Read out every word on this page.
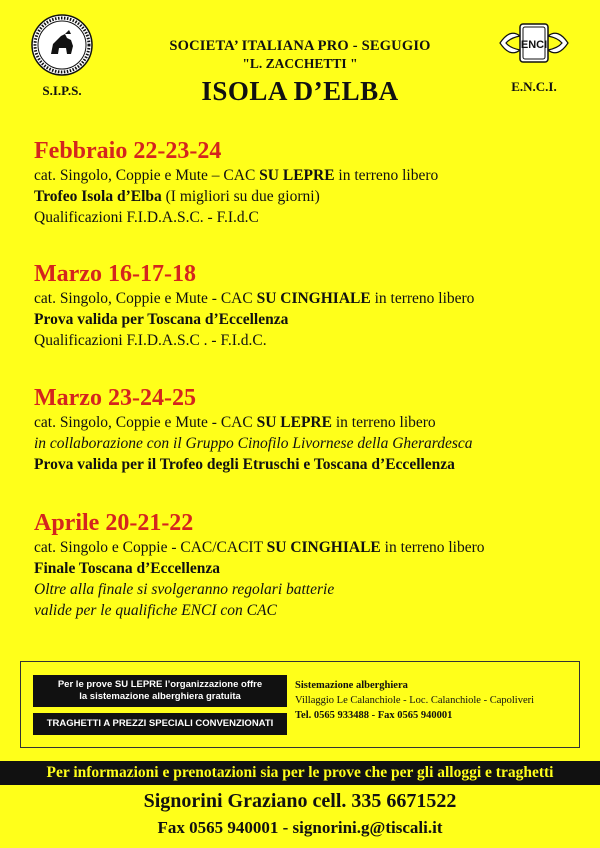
S.I.P.S.
SOCIETA’ ITALIANA PRO - SEGUGIO
"L. ZACCHETTI "
ISOLA D’ELBA
ENCI
E.N.C.I.
Febbraio 22-23-24
cat. Singolo, Coppie e Mute – CAC SU LEPRE in terreno libero
Trofeo Isola d’Elba (I migliori su due giorni)
Qualificazioni F.I.D.A.S.C. - F.I.d.C
Marzo 16-17-18
cat. Singolo, Coppie e Mute - CAC SU CINGHIALE in terreno libero
Prova valida per Toscana d’Eccellenza
Qualificazioni F.I.D.A.S.C . - F.I.d.C.
Marzo 23-24-25
cat. Singolo, Coppie e Mute - CAC SU LEPRE in terreno libero
in collaborazione con il Gruppo Cinofilo Livornese della Gherardesca
Prova valida per il Trofeo degli Etruschi e Toscana d’Eccellenza
Aprile 20-21-22
cat. Singolo e Coppie - CAC/CACIT SU CINGHIALE in terreno libero
Finale Toscana d’Eccellenza
Oltre alla finale si svolgeranno regolari batterie
valide per le qualifiche ENCI con CAC
Per le prove SU LEPRE l’organizzazione offre
la sistemazione alberghiera gratuita
TRAGHETTI A PREZZI SPECIALI CONVENZIONATI
Sistemazione alberghiera
Villaggio Le Calanchiole - Loc. Calanchiole - Capoliveri
Tel. 0565 933488 - Fax 0565 940001
Per informazioni e prenotazioni sia per le prove che per gli alloggi e traghetti
Signorini Graziano cell. 335 6671522
Fax 0565 940001 - signorini.g@tiscali.it
